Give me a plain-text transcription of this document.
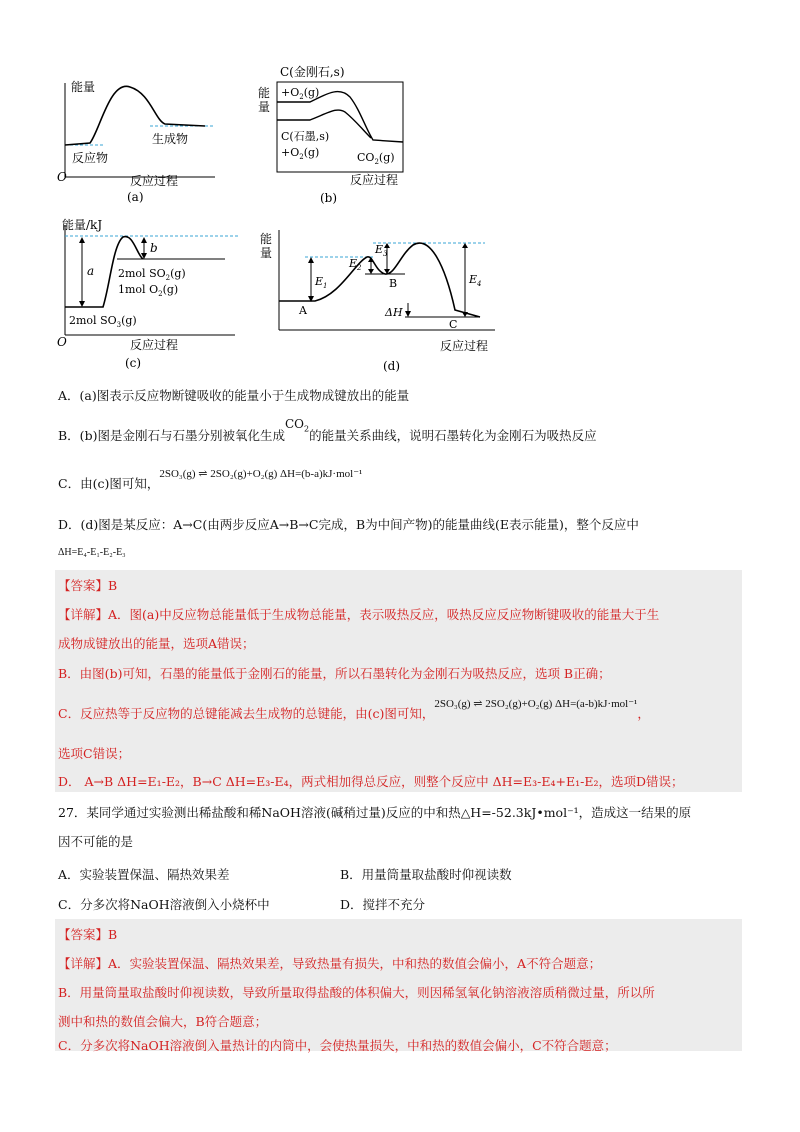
能量
反应物
生成物
O	反应过程
(a)
C(金刚石,s)
能
量
$+O_2(g)$
C(石墨,s)
$+O_2(g)$	$CO_2(g)$
反应过程
(b)
能量/kJ
a
b
2mol $SO_2(g)$
1mol $O_2(g)$
2mol $SO_3(g)$
O	反应过程
(c)
能
量
$E_1$
$E_2$
$E_3$
$E_4$
A
B
C
ΔH
反应过程
(d)
A．(a)图表示反应物断键吸收的能量小于生成物成键放出的能量
B．(b)图是金刚石与石墨分别被氧化生成$CO_2$的能量关系曲线，说明石墨转化为金刚石为吸热反应
C．由(c)图可知，2SO₃(g) ⇌ 2SO₂(g)+O₂(g) ΔH=(b-a)kJ·mol⁻¹
D．(d)图是某反应：A→C(由两步反应A→B→C完成，B为中间产物)的能量曲线(E表示能量)，整个反应中
ΔH=E₄-E₁-E₂-E₃
【答案】B
【详解】A．图(a)中反应物总能量低于生成物总能量，表示吸热反应，吸热反应反应物断键吸收的能量大于生
成物成键放出的能量，选项A错误；
B．由图(b)可知，石墨的能量低于金刚石的能量，所以石墨转化为金刚石为吸热反应，选项 B正确；
C．反应热等于反应物的总键能减去生成物的总键能，由(c)图可知，2SO₃(g) ⇌ 2SO₂(g)+O₂(g) ΔH=(a-b)kJ·mol⁻¹，
选项C错误；
D． A→B ΔH=E₁-E₂，B→C ΔH=E₃-E₄，两式相加得总反应，则整个反应中 ΔH=E₃-E₄+E₁-E₂，选项D错误；
27．某同学通过实验测出稀盐酸和稀NaOH溶液(碱稍过量)反应的中和热△H=-52.3kJ•mol⁻¹，造成这一结果的原
因不可能的是
A．实验装置保温、隔热效果差	B．用量筒量取盐酸时仰视读数
C．分多次将NaOH溶液倒入小烧杯中	D．搅拌不充分
【答案】B
【详解】A．实验装置保温、隔热效果差，导致热量有损失，中和热的数值会偏小，A不符合题意；
B．用量筒量取盐酸时仰视读数，导致所量取得盐酸的体积偏大，则因稀氢氧化钠溶液溶质稍微过量，所以所
测中和热的数值会偏大，B符合题意；
C．分多次将NaOH溶液倒入量热计的内筒中，会使热量损失，中和热的数值会偏小，C不符合题意；
